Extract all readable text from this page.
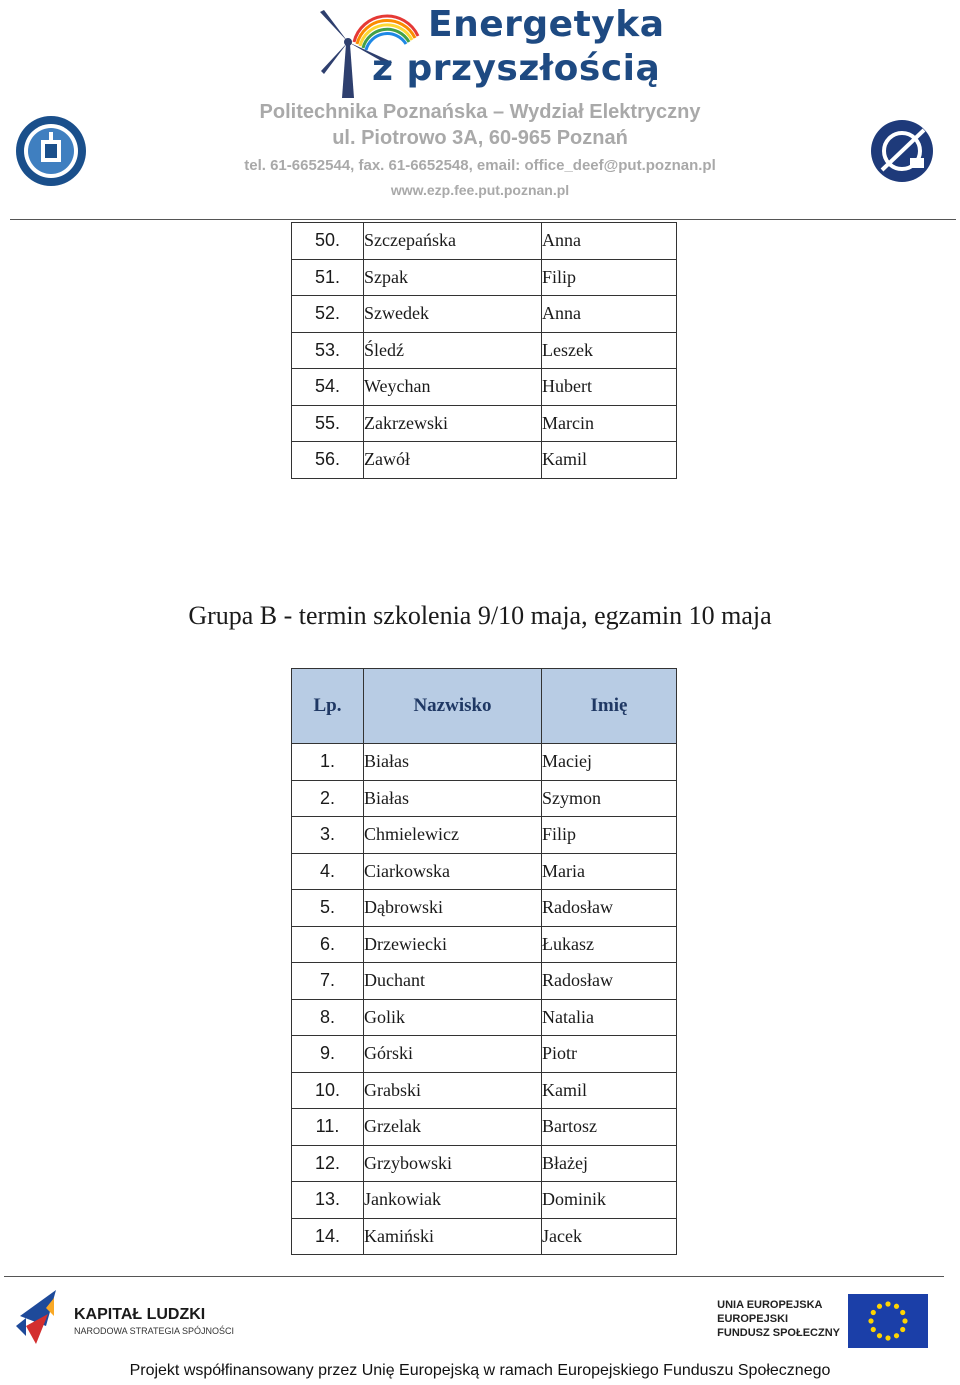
Energetyka
z przyszłością
Politechnika Poznańska – Wydział Elektryczny
ul. Piotrowo 3A, 60-965 Poznań
tel. 61-6652544, fax. 61-6652548, email: office_deef@put.poznan.pl
www.ezp.fee.put.poznan.pl
50.	Szczepańska	Anna
51.	Szpak	Filip
52.	Szwedek	Anna
53.	Śledź	Leszek
54.	Weychan	Hubert
55.	Zakrzewski	Marcin
56.	Zawół	Kamil
Grupa B - termin szkolenia 9/10 maja, egzamin 10 maja
Lp.	Nazwisko	Imię
1.	Białas	Maciej
2.	Białas	Szymon
3.	Chmielewicz	Filip
4.	Ciarkowska	Maria
5.	Dąbrowski	Radosław
6.	Drzewiecki	Łukasz
7.	Duchant	Radosław
8.	Golik	Natalia
9.	Górski	Piotr
10.	Grabski	Kamil
11.	Grzelak	Bartosz
12.	Grzybowski	Błażej
13.	Jankowiak	Dominik
14.	Kamiński	Jacek
KAPITAŁ LUDZKI
NARODOWA STRATEGIA SPÓJNOŚCI
UNIA EUROPEJSKA
EUROPEJSKI
FUNDUSZ SPOŁECZNY
Projekt współfinansowany przez Unię Europejską w ramach Europejskiego Funduszu Społecznego
